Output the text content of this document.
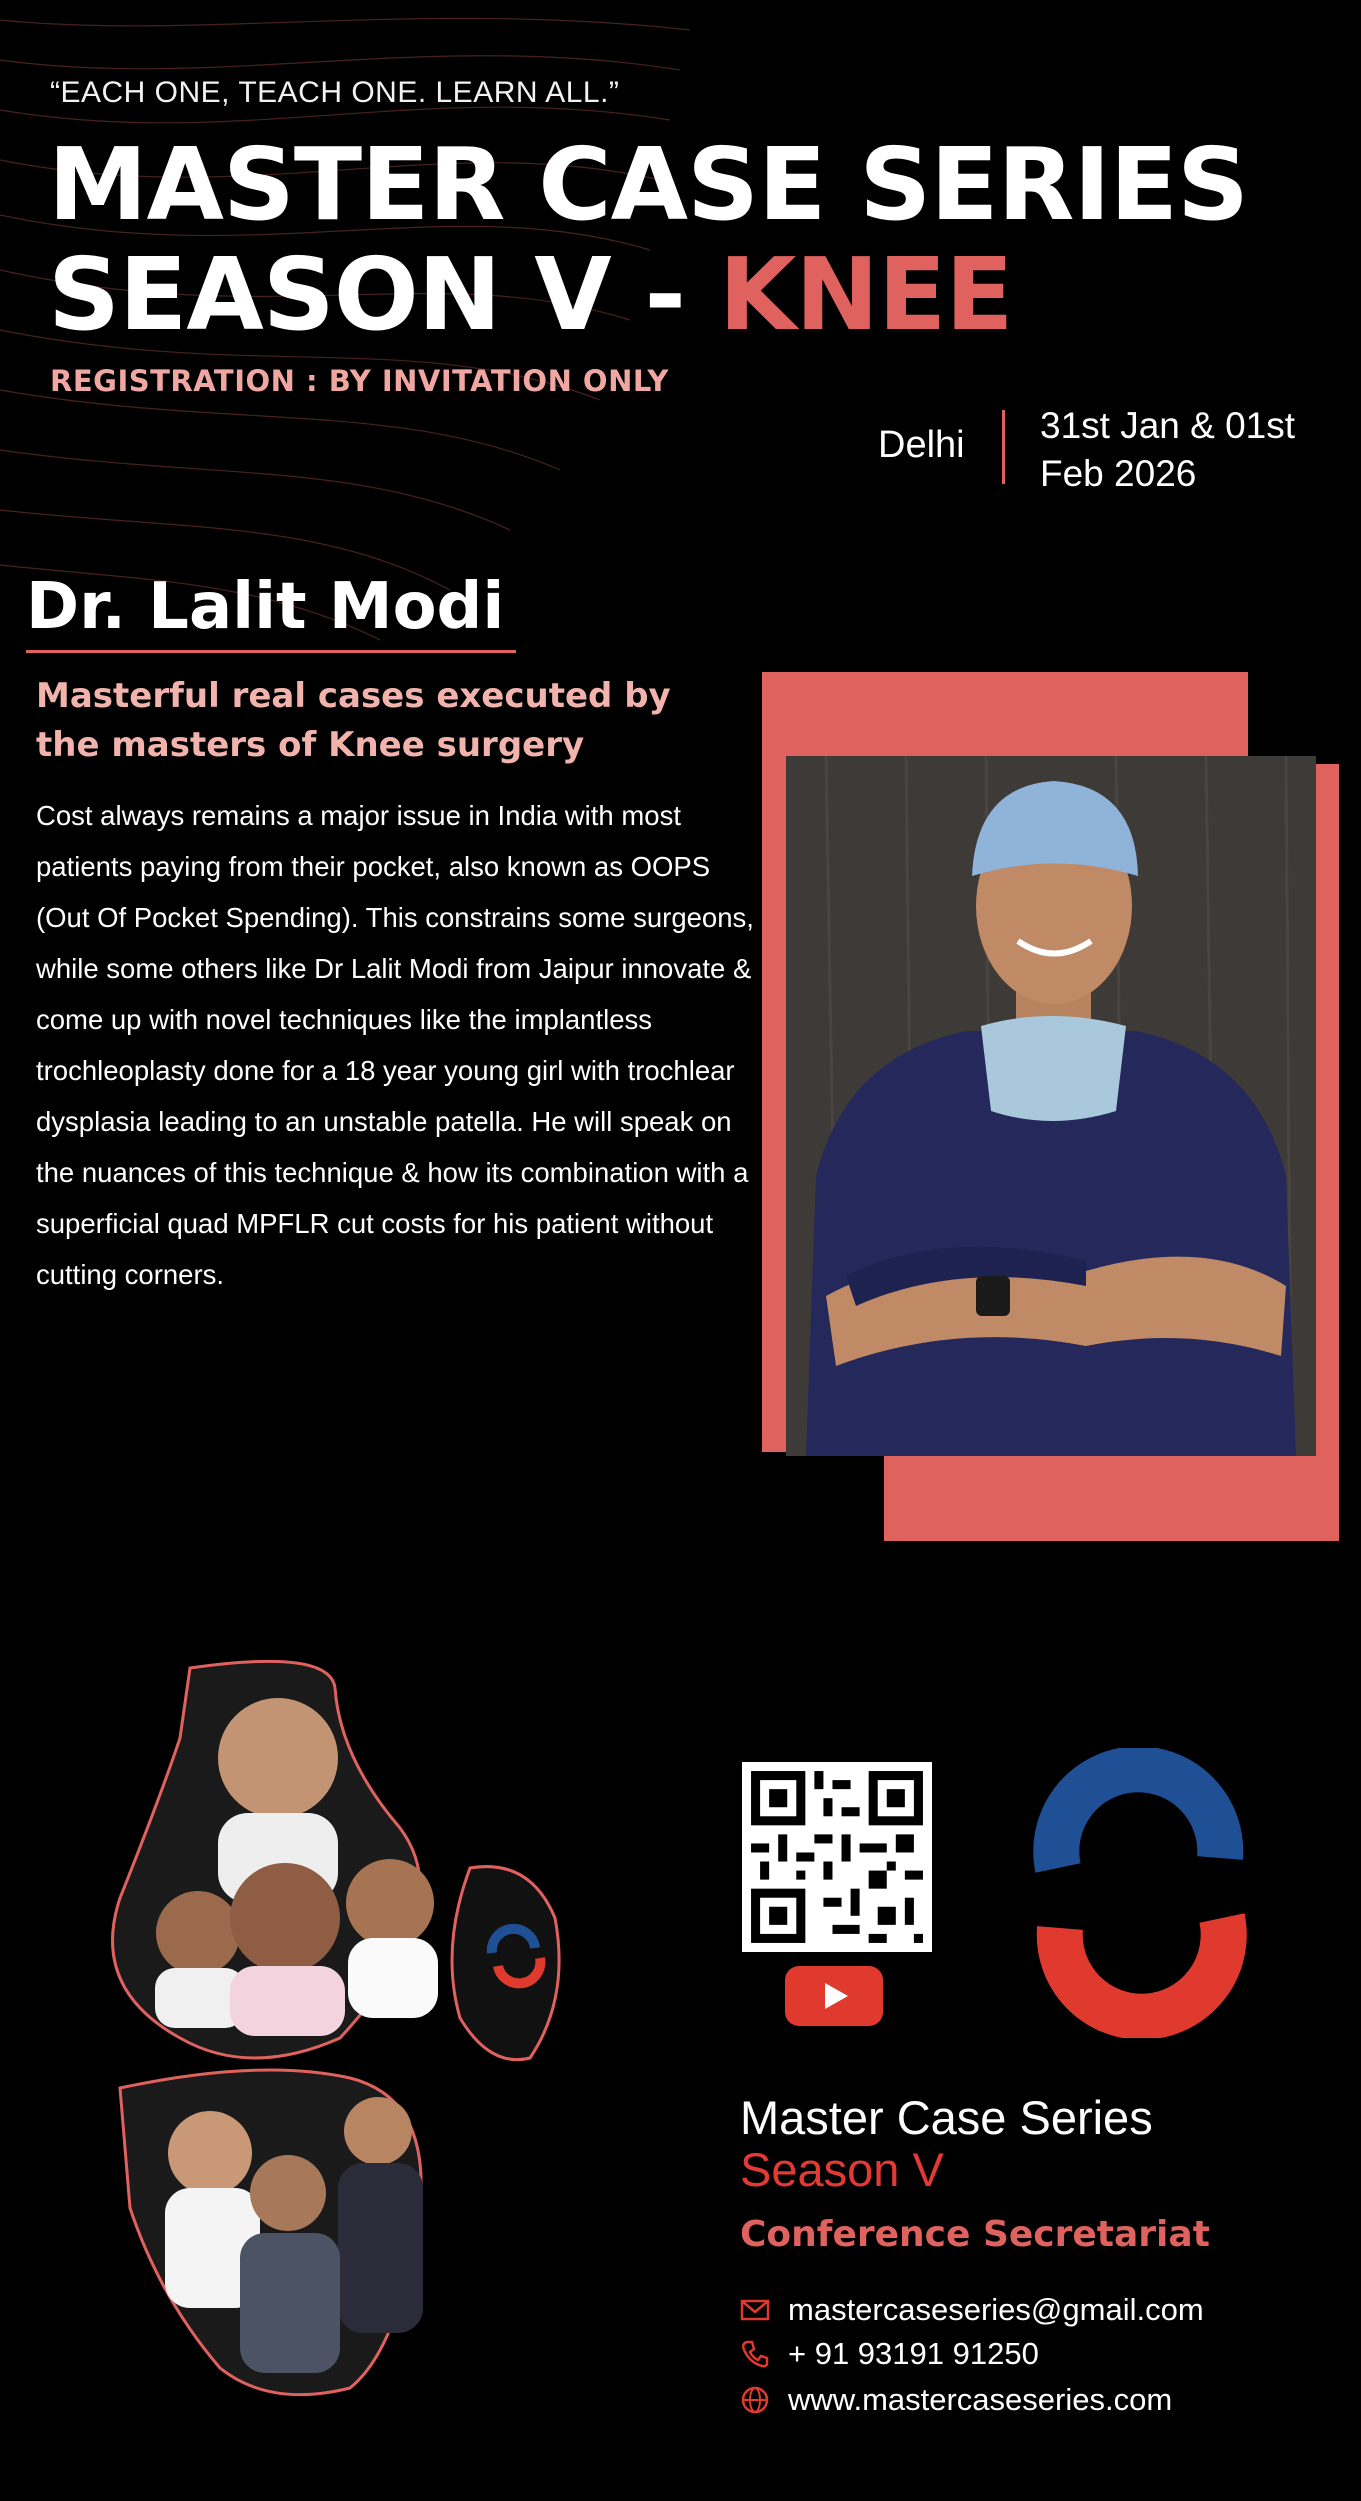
“EACH ONE, TEACH ONE. LEARN ALL.”
MASTER CASE SERIES
SEASON V - KNEE
REGISTRATION : BY INVITATION ONLY
Delhi 31st Jan & 01st
Feb 2026
Dr. Lalit Modi
Masterful real cases executed by
the masters of Knee surgery
Cost always remains a major issue in India with most patients paying from their pocket, also known as OOPS (Out Of Pocket Spending). This constrains some surgeons, while some others like Dr Lalit Modi from Jaipur innovate & come up with novel techniques like the implantless trochleoplasty done for a 18 year young girl with trochlear dysplasia leading to an unstable patella. He will speak on the nuances of this technique & how its combination with a superficial quad MPFLR cut costs for his patient without cutting corners.
Master Case Series
Season V
Conference Secretariat
mastercaseseries@gmail.com
+ 91 93191 91250
www.mastercaseseries.com
